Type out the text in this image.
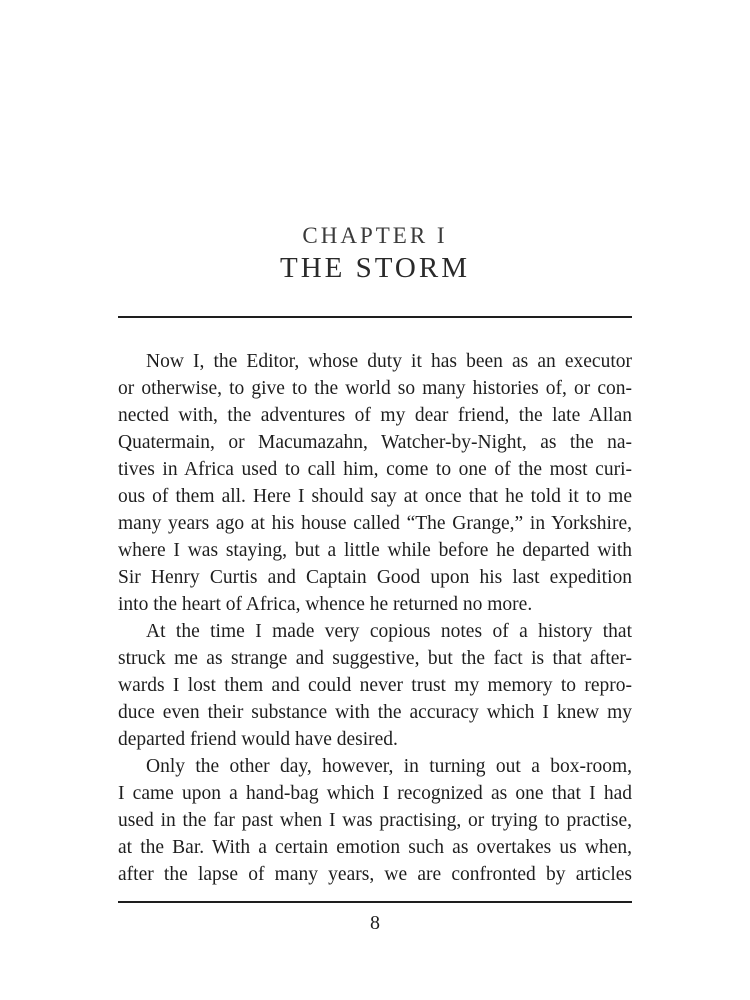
CHAPTER I
THE STORM
Now I, the Editor, whose duty it has been as an executor
or otherwise, to give to the world so many histories of, or con-
nected with, the adventures of my dear friend, the late Allan
Quatermain, or Macumazahn, Watcher-by-Night, as the na-
tives in Africa used to call him, come to one of the most curi-
ous of them all. Here I should say at once that he told it to me
many years ago at his house called “The Grange,” in Yorkshire,
where I was staying, but a little while before he departed with
Sir Henry Curtis and Captain Good upon his last expedition
into the heart of Africa, whence he returned no more.
At the time I made very copious notes of a history that
struck me as strange and suggestive, but the fact is that after-
wards I lost them and could never trust my memory to repro-
duce even their substance with the accuracy which I knew my
departed friend would have desired.
Only the other day, however, in turning out a box-room,
I came upon a hand-bag which I recognized as one that I had
used in the far past when I was practising, or trying to practise,
at the Bar. With a certain emotion such as overtakes us when,
after the lapse of many years, we are confronted by articles
8
